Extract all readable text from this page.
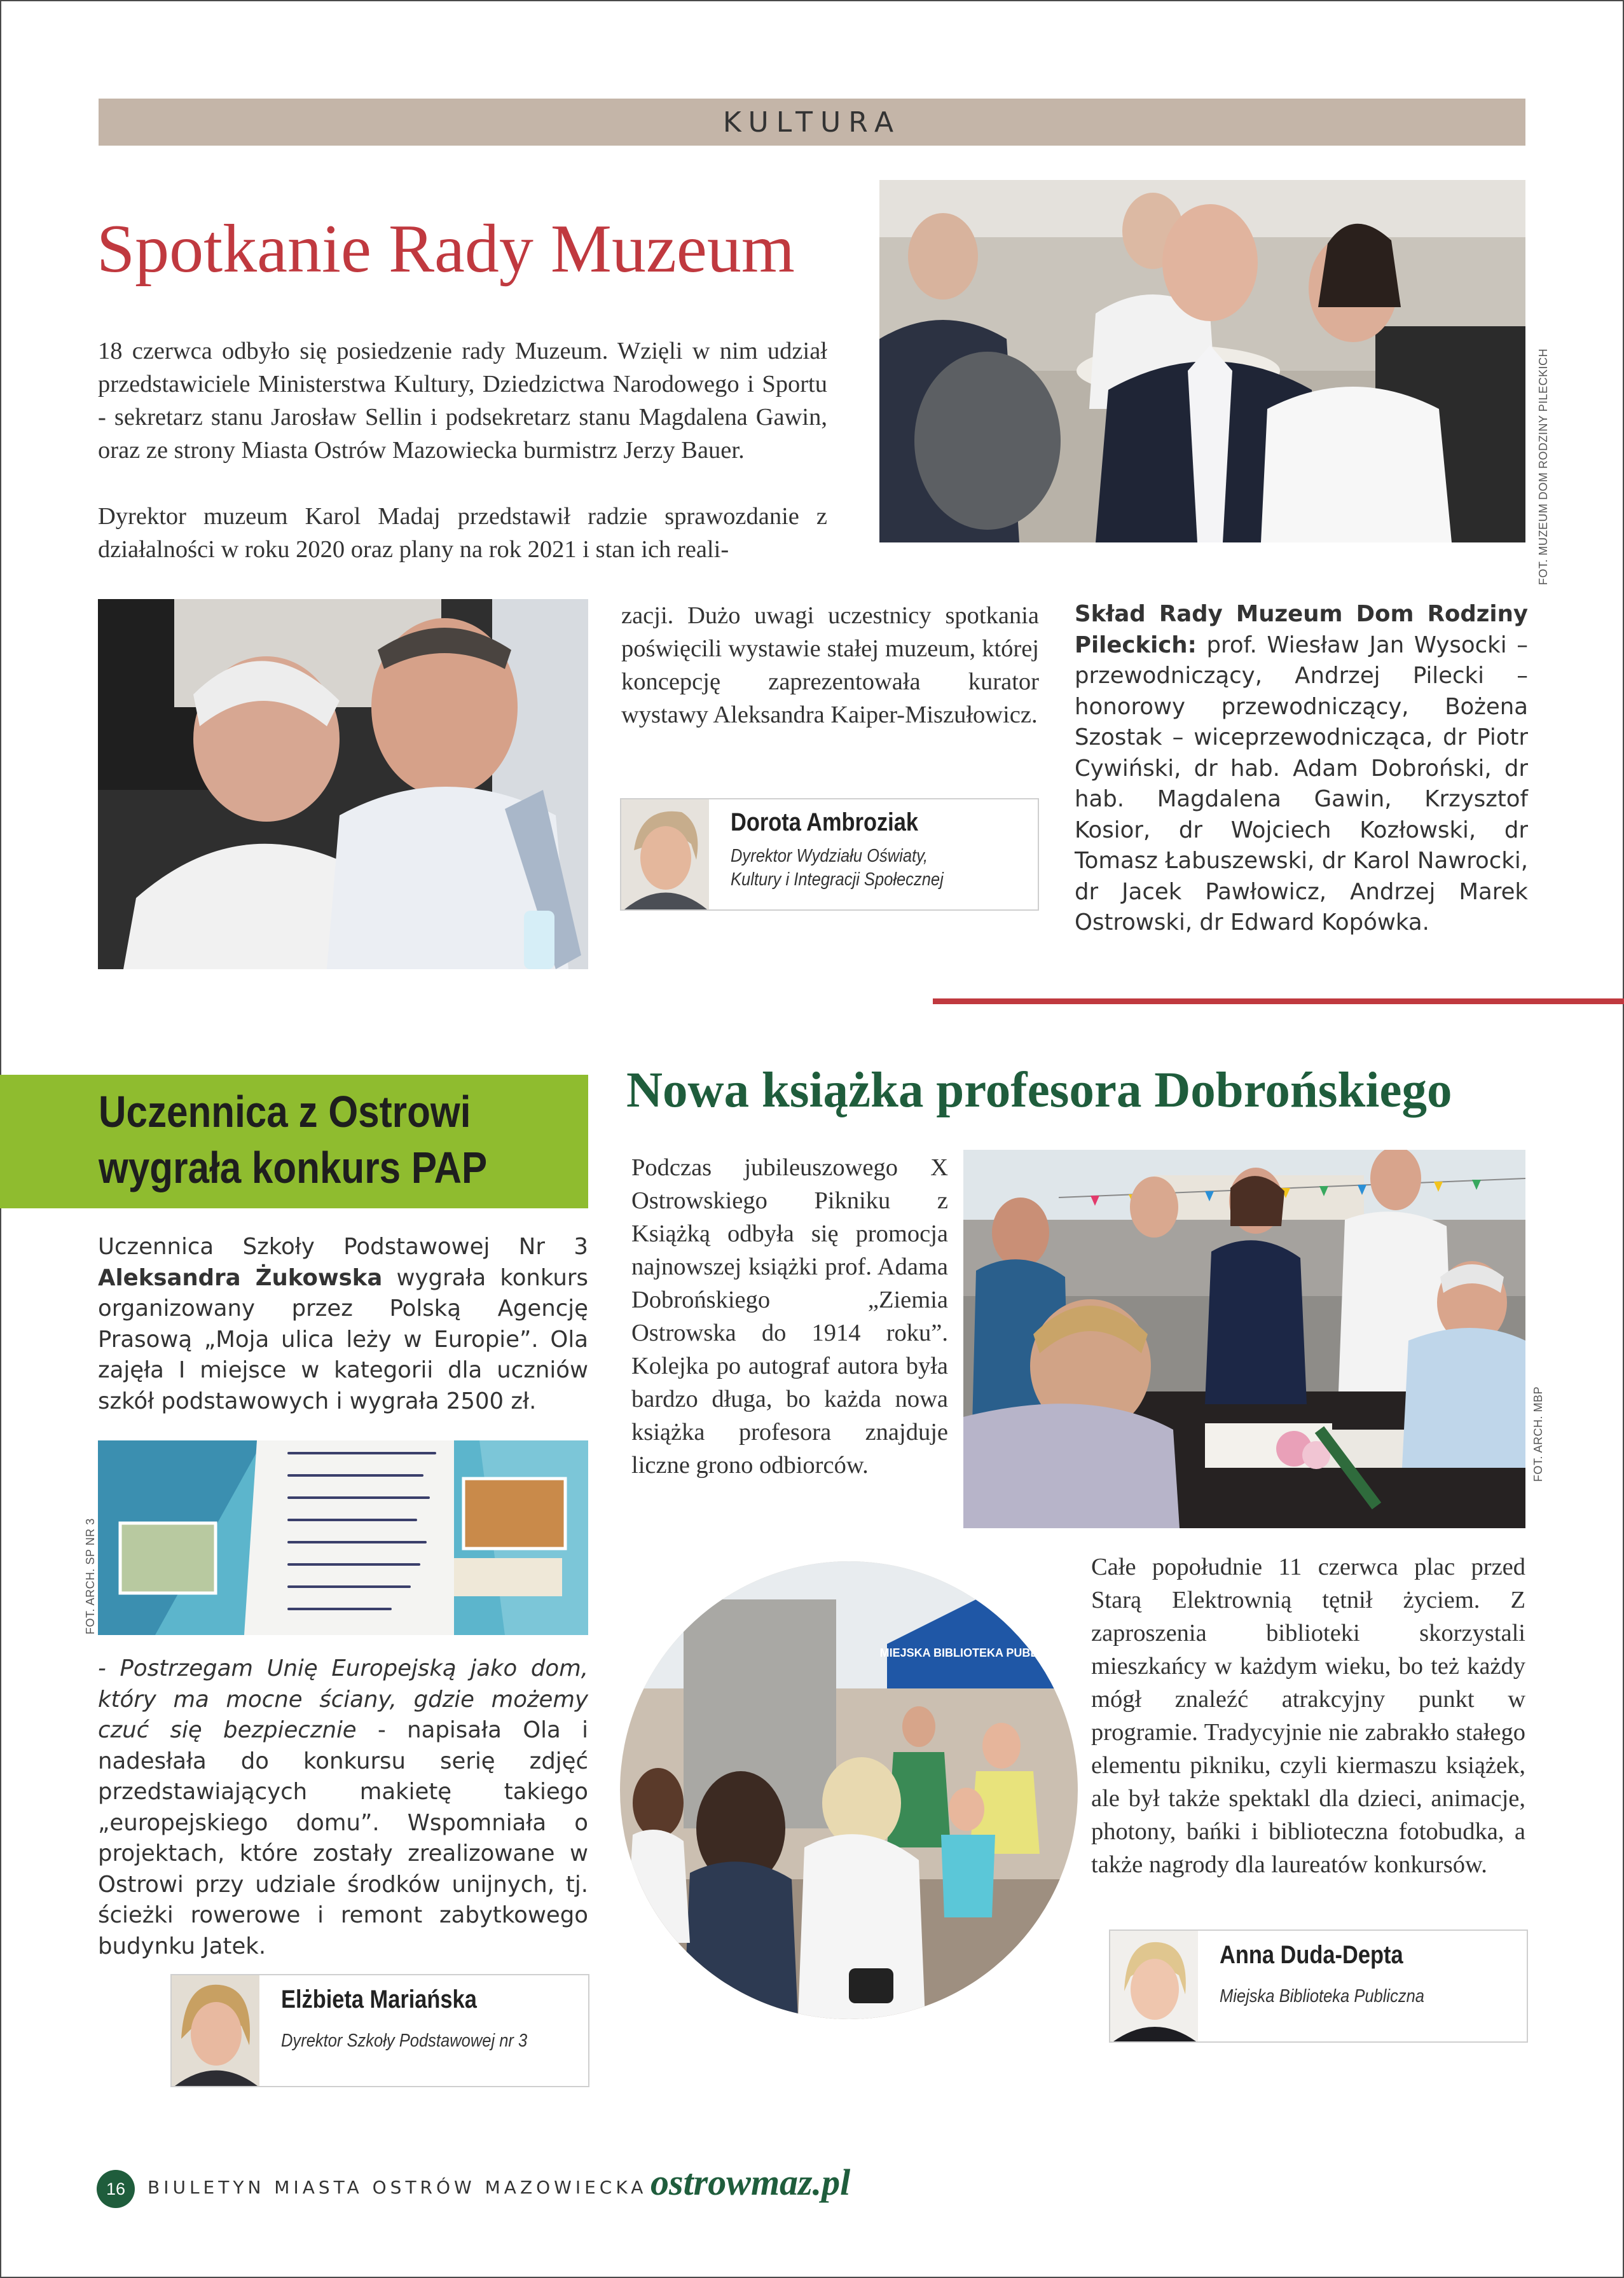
KULTURA
Spotkanie Rady Muzeum
FOT. MUZEUM DOM RODZINY PILECKICH

18 czerwca odbyło się posiedzenie rady Muzeum. Wzięli w nim udział przedstawiciele Ministerstwa Kultury, Dziedzictwa Narodowego i Sportu - sekretarz stanu Jarosław Sellin i podsekretarz stanu Magdalena Gawin, oraz ze strony Miasta Ostrów Mazowiecka burmistrz Jerzy Bauer.

Dyrektor muzeum Karol Madaj przedstawił radzie sprawozdanie z działalności w roku 2020 oraz plany na rok 2021 i stan ich reali-

zacji. Dużo uwagi uczestnicy spotkania poświęcili wystawie stałej muzeum, której koncepcję zaprezentowała kurator wystawy Aleksandra Kaiper-Miszułowicz.

Dorota Ambroziak
Dyrektor Wydziału Oświaty,
Kultury i Integracji Społecznej

Skład Rady Muzeum Dom Rodziny Pileckich: prof. Wiesław Jan Wysocki – przewodniczący, Andrzej Pilecki – honorowy przewodniczący, Bożena Szostak – wiceprzewodnicząca, dr Piotr Cywiński, dr hab. Adam Dobroński, dr hab. Magdalena Gawin, Krzysztof Kosior, dr Wojciech Kozłowski, dr Tomasz Łabuszewski, dr Karol Nawrocki, dr Jacek Pawłowicz, Andrzej Marek Ostrowski, dr Edward Kopówka.

Uczennica z Ostrowi
wygrała konkurs PAP

Uczennica Szkoły Podstawowej Nr 3 Aleksandra Żukowska wygrała konkurs organizowany przez Polską Agencję Prasową „Moja ulica leży w Europie”. Ola zajęła I miejsce w kategorii dla uczniów szkół podstawowych i wygrała 2500 zł.

FOT. ARCH. SP NR 3

- Postrzegam Unię Europejską jako dom, który ma mocne ściany, gdzie możemy czuć się bezpiecznie - napisała Ola i nadesłała do konkursu serię zdjęć przedstawiających makietę takiego „europejskiego domu”. Wspomniała o projektach, które zostały zrealizowane w Ostrowi przy udziale środków unijnych, tj. ścieżki rowerowe i remont zabytkowego budynku Jatek.

Elżbieta Mariańska
Dyrektor Szkoły Podstawowej nr 3
Nowa książka profesora Dobrońskiego

Podczas jubileuszowego X Ostrowskiego Pikniku z Książką odbyła się promocja najnowszej książki prof. Adama Dobrońskiego „Ziemia Ostrowska do 1914 roku”. Kolejka po autograf autora była bardzo długa, bo każda nowa książka profesora znajduje liczne grono odbiorców.	FOT. ARCH. MBP
MIEJSKA BIBLIOTEKA PUBLICZNA

Całe popołudnie 11 czerwca plac przed Starą Elektrownią tętnił życiem. Z zaproszenia biblioteki skorzystali mieszkańcy w każdym wieku, bo też każdy mógł znaleźć atrakcyjny punkt w programie. Tradycyjnie nie zabrakło stałego elementu pikniku, czyli kiermaszu książek, ale był także spektakl dla dzieci, animacje, photony, bańki i biblioteczna fotobudka, a także nagrody dla laureatów konkursów.

Anna Duda-Depta
Miejska Biblioteka Publiczna
16	BIULETYN MIASTA OSTRÓW MAZOWIECKA ostrowmaz.pl
